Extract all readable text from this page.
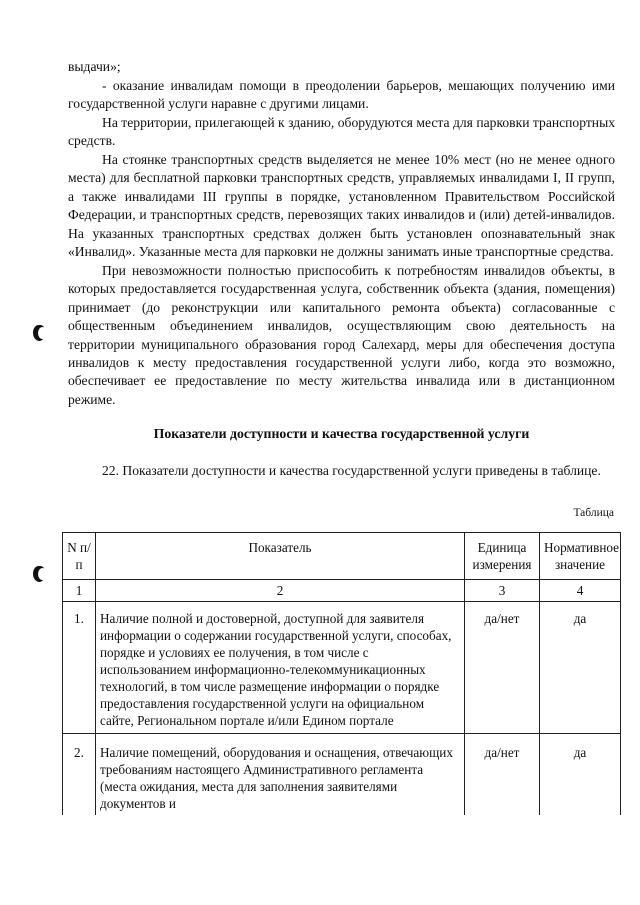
выдачи»;

- оказание инвалидам помощи в преодолении барьеров, мешающих получению ими государственной услуги наравне с другими лицами.

На территории, прилегающей к зданию, оборудуются места для парковки транспортных средств.

На стоянке транспортных средств выделяется не менее 10% мест (но не менее одного места) для бесплатной парковки транспортных средств, управляемых инвалидами I, II групп, а также инвалидами III группы в порядке, установленном Правительством Российской Федерации, и транспортных средств, перевозящих таких инвалидов и (или) детей-инвалидов. На указанных транспортных средствах должен быть установлен опознавательный знак «Инвалид». Указанные места для парковки не должны занимать иные транспортные средства.

При невозможности полностью приспособить к потребностям инвалидов объекты, в которых предоставляется государственная услуга, собственник объекта (здания, помещения) принимает (до реконструкции или капитального ремонта объекта) согласованные с общественным объединением инвалидов, осуществляющим свою деятельность на территории муниципального образования город Салехард, меры для обеспечения доступа инвалидов к месту предоставления государственной услуги либо, когда это возможно, обеспечивает ее предоставление по месту жительства инвалида или в дистанционном режиме.

Показатели доступности и качества государственной услуги

22. Показатели доступности и качества государственной услуги приведены в таблице.

Таблица
N п/п	Показатель	Единица измерения	Нормативное значение
1	2	3	4
1.	Наличие полной и достоверной, доступной для заявителя информации о содержании государственной услуги, способах, порядке и условиях ее получения, в том числе с использованием информационно-телекоммуникационных технологий, в том числе размещение информации о порядке предоставления государственной услуги на официальном сайте, Региональном портале и/или Едином портале	да/нет	да
2.	Наличие помещений, оборудования и оснащения, отвечающих требованиям настоящего Административного регламента (места ожидания, места для заполнения заявителями документов и	да/нет	да
